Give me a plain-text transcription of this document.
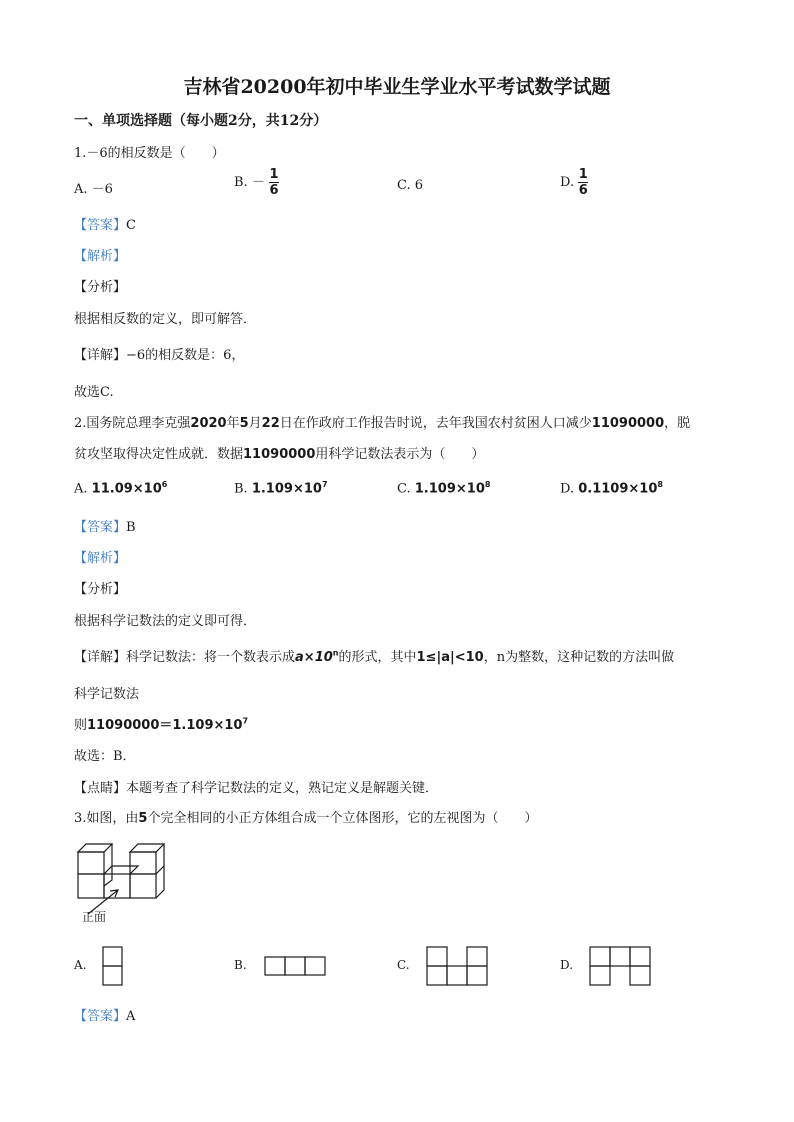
吉林省20200年初中毕业生学业水平考试数学试题
一、单项选择题（每小题2分，共12分）
1.－6的相反数是（　　）
A. －6	B. － $\frac{1}{6}$	C. 6	D. $\frac{1}{6}$
【答案】C
【解析】
【分析】
根据相反数的定义，即可解答．
【详解】−6的相反数是：6，
故选C.
2.国务院总理李克强2020年5月22日在作政府工作报告时说，去年我国农村贫困人口减少11090000，脱
贫攻坚取得决定性成就．数据11090000用科学记数法表示为（　　）
A. $11.09\times 10^6$	B. $1.109\times 10^7$	C. $1.109\times 10^8$	D. $0.1109\times 10^8$
【答案】B
【解析】
【分析】
根据科学记数法的定义即可得．
【详解】科学记数法：将一个数表示成$a\times 10^n$的形式，其中1≤|a|<10，n为整数，这种记数的方法叫做
科学记数法
则$11090000=1.109\times 10^7$
故选：B．
【点睛】本题考查了科学记数法的定义，熟记定义是解题关键．
3.如图，由5个完全相同的小正方体组合成一个立体图形，它的左视图为（　　）
正面
A.	B.	C.	D.
【答案】A
